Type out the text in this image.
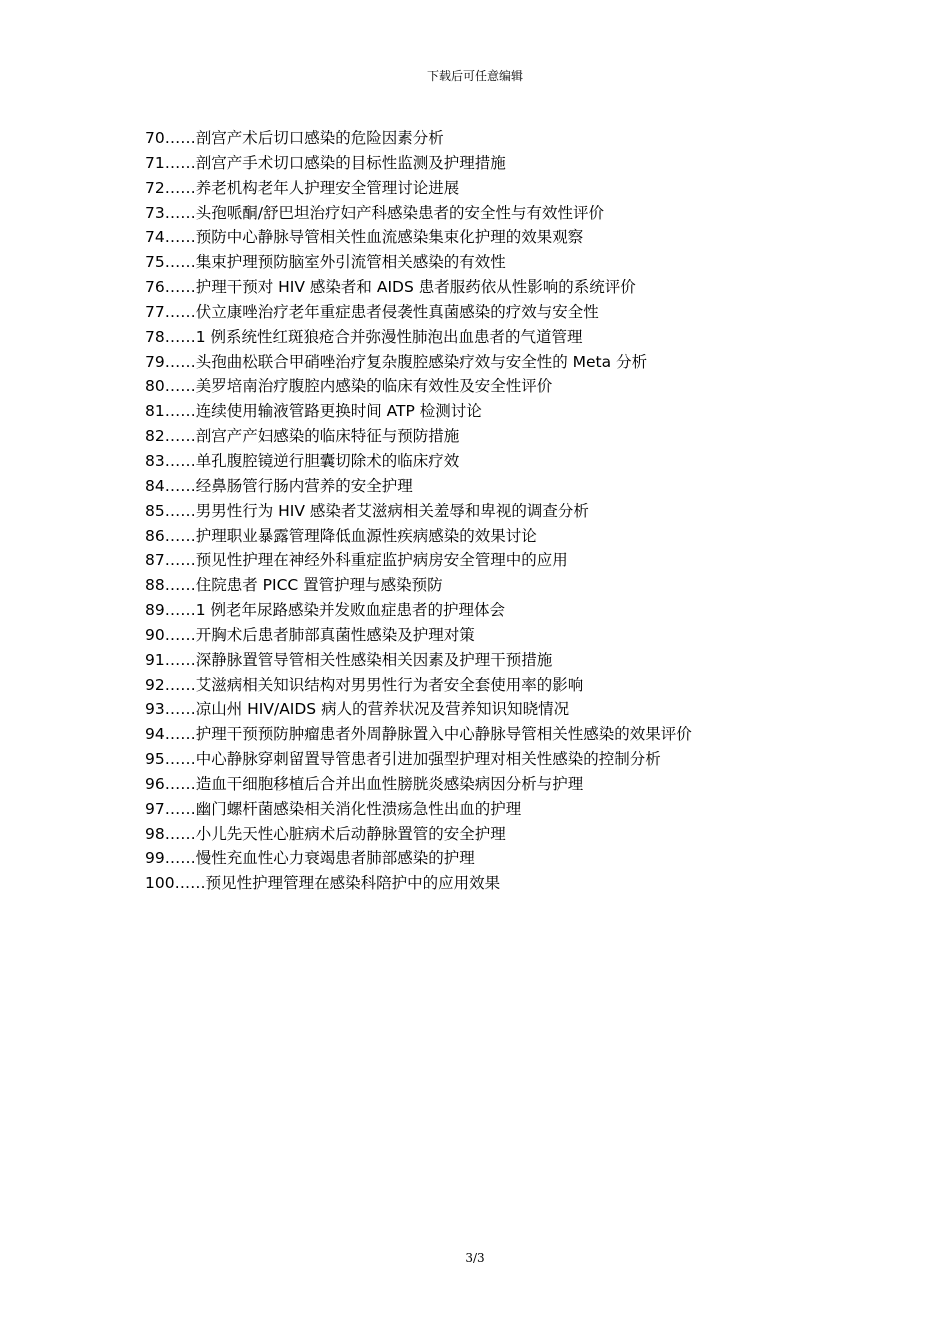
下载后可任意编辑
70……剖宫产术后切口感染的危险因素分析
71……剖宫产手术切口感染的目标性监测及护理措施
72……养老机构老年人护理安全管理讨论进展
73……头孢哌酮/舒巴坦治疗妇产科感染患者的安全性与有效性评价
74……预防中心静脉导管相关性血流感染集束化护理的效果观察
75……集束护理预防脑室外引流管相关感染的有效性
76……护理干预对 HIV 感染者和 AIDS 患者服药依从性影响的系统评价
77……伏立康唑治疗老年重症患者侵袭性真菌感染的疗效与安全性
78……1 例系统性红斑狼疮合并弥漫性肺泡出血患者的气道管理
79……头孢曲松联合甲硝唑治疗复杂腹腔感染疗效与安全性的 Meta 分析
80……美罗培南治疗腹腔内感染的临床有效性及安全性评价
81……连续使用输液管路更换时间 ATP 检测讨论
82……剖宫产产妇感染的临床特征与预防措施
83……单孔腹腔镜逆行胆囊切除术的临床疗效
84……经鼻肠管行肠内营养的安全护理
85……男男性行为 HIV 感染者艾滋病相关羞辱和卑视的调查分析
86……护理职业暴露管理降低血源性疾病感染的效果讨论
87……预见性护理在神经外科重症监护病房安全管理中的应用
88……住院患者 PICC 置管护理与感染预防
89……1 例老年尿路感染并发败血症患者的护理体会
90……开胸术后患者肺部真菌性感染及护理对策
91……深静脉置管导管相关性感染相关因素及护理干预措施
92……艾滋病相关知识结构对男男性行为者安全套使用率的影响
93……凉山州 HIV/AIDS 病人的营养状况及营养知识知晓情况
94……护理干预预防肿瘤患者外周静脉置入中心静脉导管相关性感染的效果评价
95……中心静脉穿刺留置导管患者引进加强型护理对相关性感染的控制分析
96……造血干细胞移植后合并出血性膀胱炎感染病因分析与护理
97……幽门螺杆菌感染相关消化性溃疡急性出血的护理
98……小儿先天性心脏病术后动静脉置管的安全护理
99……慢性充血性心力衰竭患者肺部感染的护理
100……预见性护理管理在感染科陪护中的应用效果
3/3
